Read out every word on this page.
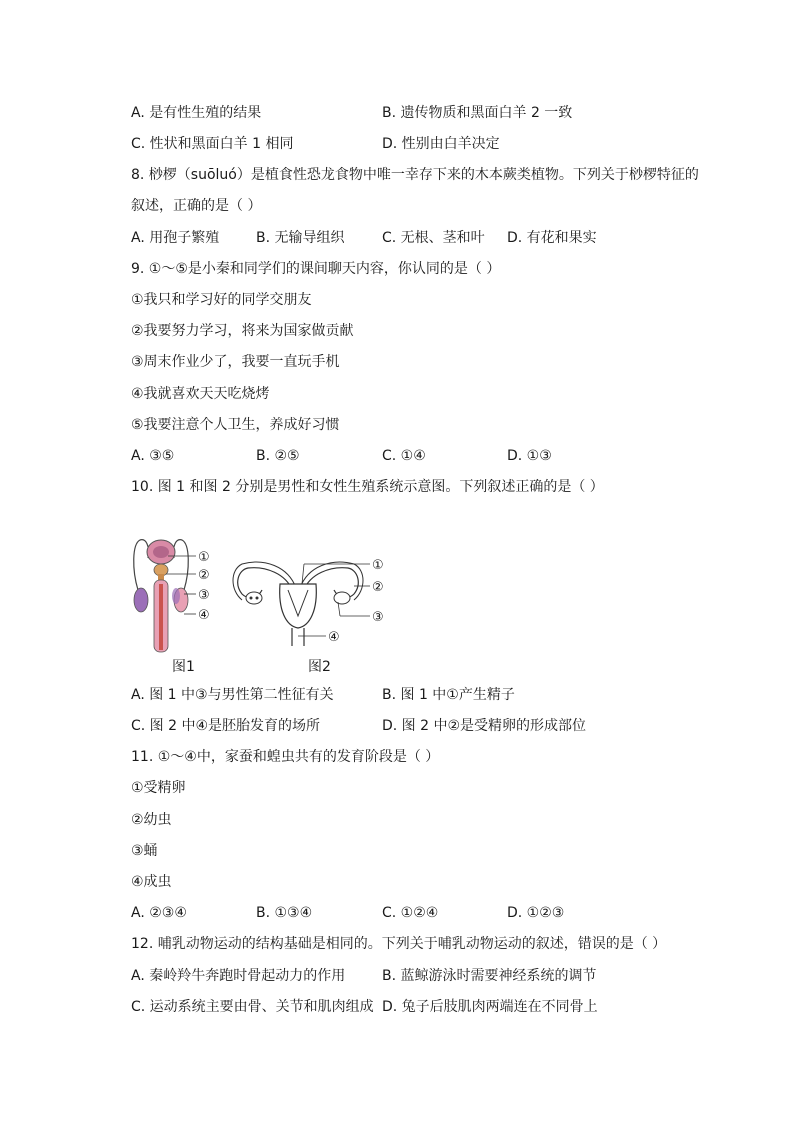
A. 是有性生殖的结果	B. 遗传物质和黑面白羊 2 一致
C. 性状和黑面白羊 1 相同	D. 性别由白羊决定
8. 桫椤（suōluó）是植食性恐龙食物中唯一幸存下来的木本蕨类植物。下列关于桫椤特征的
叙述，正确的是（ ）
A. 用孢子繁殖	B. 无输导组织	C. 无根、茎和叶 D. 有花和果实
9. ①～⑤是小秦和同学们的课间聊天内容，你认同的是（ ）
①我只和学习好的同学交朋友
②我要努力学习，将来为国家做贡献
③周末作业少了，我要一直玩手机
④我就喜欢天天吃烧烤
⑤我要注意个人卫生，养成好习惯
A. ③⑤	B. ②⑤	C. ①④	D. ①③
10. 图 1 和图 2 分别是男性和女性生殖系统示意图。下列叙述正确的是（ ）
①
②
③
④
①
②
③
④
图1	图2
A. 图 1 中③与男性第二性征有关	B. 图 1 中①产生精子
C. 图 2 中④是胚胎发育的场所	D. 图 2 中②是受精卵的形成部位
11. ①～④中，家蚕和蝗虫共有的发育阶段是（ ）
①受精卵
②幼虫
③蛹
④成虫
A. ②③④	B. ①③④	C. ①②④	D. ①②③
12. 哺乳动物运动的结构基础是相同的。下列关于哺乳动物运动的叙述，错误的是（ ）
A. 秦岭羚牛奔跑时骨起动力的作用	B. 蓝鲸游泳时需要神经系统的调节
C. 运动系统主要由骨、关节和肌肉组成 D. 兔子后肢肌肉两端连在不同骨上
